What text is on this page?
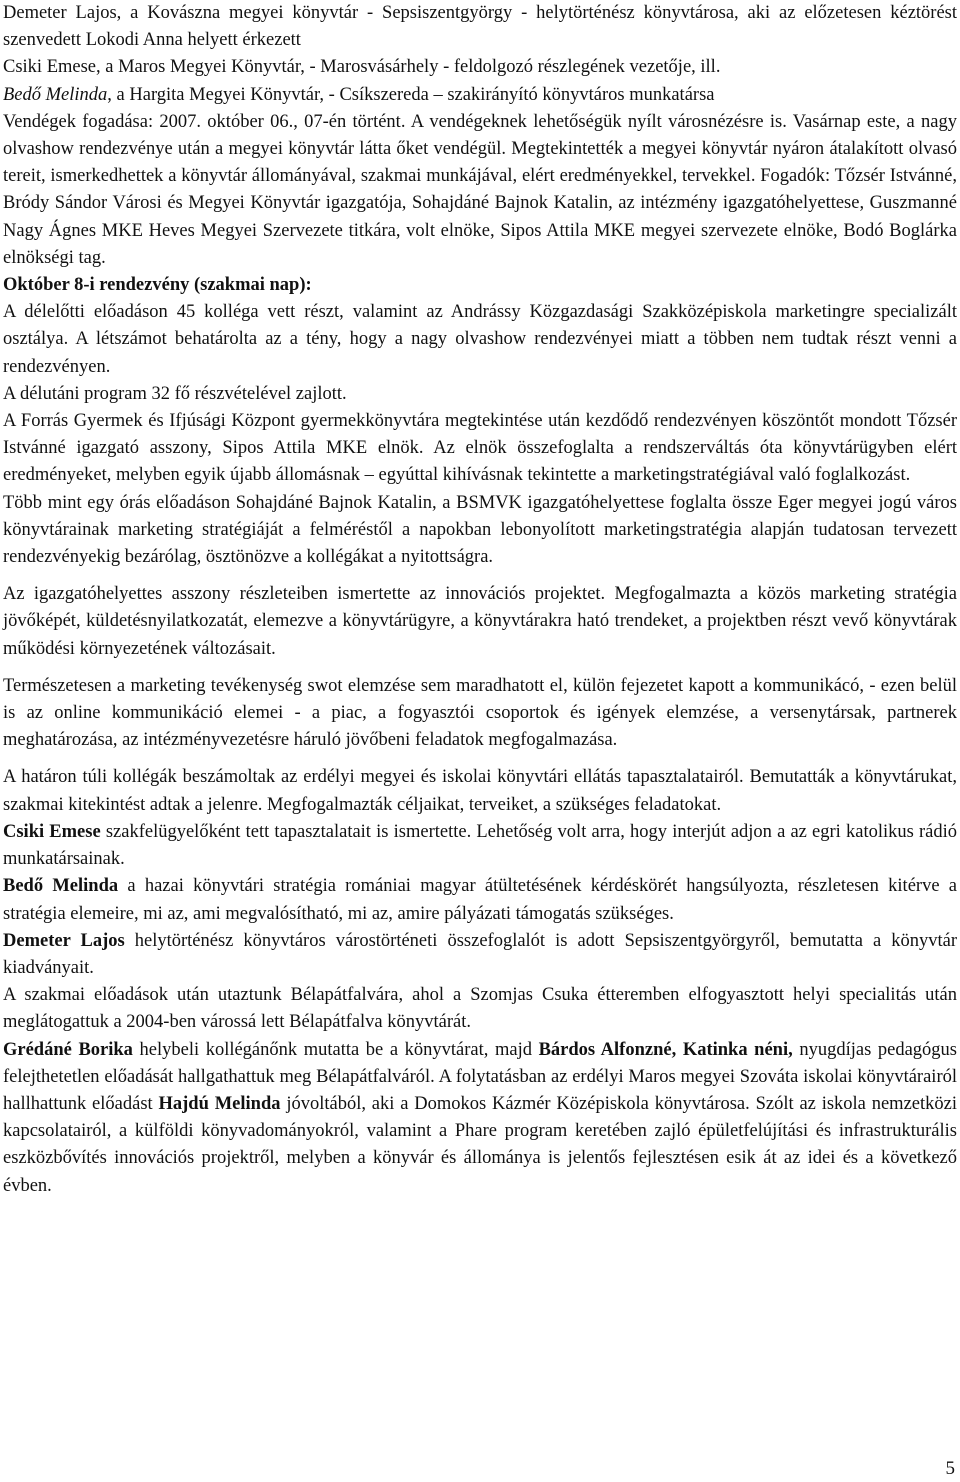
Demeter Lajos, a Kovászna megyei könyvtár - Sepsiszentgyörgy - helytörténész könyvtárosa, aki az előzetesen kéztörést szenvedett Lokodi Anna helyett érkezett

Csiki Emese, a Maros Megyei Könyvtár, - Marosvásárhely - feldolgozó részlegének vezetője, ill.

Bedő Melinda, a Hargita Megyei Könyvtár, - Csíkszereda – szakirányító könyvtáros munkatársa

Vendégek fogadása: 2007. október 06., 07-én történt. A vendégeknek lehetőségük nyílt városnézésre is. Vasárnap este, a nagy olvashow rendezvénye után a megyei könyvtár látta őket vendégül. Megtekintették a megyei könyvtár nyáron átalakított olvasó tereit, ismerkedhettek a könyvtár állományával, szakmai munkájával, elért eredményekkel, tervekkel. Fogadók: Tőzsér Istvánné, Bródy Sándor Városi és Megyei Könyvtár igazgatója, Sohajdáné Bajnok Katalin, az intézmény igazgatóhelyettese, Guszmanné Nagy Ágnes MKE Heves Megyei Szervezete titkára, volt elnöke, Sipos Attila MKE megyei szervezete elnöke, Bodó Boglárka elnökségi tag.

Október 8-i rendezvény (szakmai nap):

A délelőtti előadáson 45 kolléga vett részt, valamint az Andrássy Közgazdasági Szakközépiskola marketingre specializált osztálya. A létszámot behatárolta az a tény, hogy a nagy olvashow rendezvényei miatt a többen nem tudtak részt venni a rendezvényen.

A délutáni program 32 fő részvételével zajlott.

A Forrás Gyermek és Ifjúsági Központ gyermekkönyvtára megtekintése után kezdődő rendezvényen köszöntőt mondott Tőzsér Istvánné igazgató asszony, Sipos Attila MKE elnök. Az elnök összefoglalta a rendszerváltás óta könyvtárügyben elért eredményeket, melyben egyik újabb állomásnak – egyúttal kihívásnak tekintette a marketingstratégiával való foglalkozást.

Több mint egy órás előadáson Sohajdáné Bajnok Katalin, a BSMVK igazgatóhelyettese foglalta össze Eger megyei jogú város könyvtárainak marketing stratégiáját a felméréstől a napokban lebonyolított marketingstratégia alapján tudatosan tervezett rendezvényekig bezárólag, ösztönözve a kollégákat a nyitottságra.

Az igazgatóhelyettes asszony részleteiben ismertette az innovációs projektet. Megfogalmazta a közös marketing stratégia jövőképét, küldetésnyilatkozatát, elemezve a könyvtárügyre, a könyvtárakra ható trendeket, a projektben részt vevő könyvtárak működési környezetének változásait.

Természetesen a marketing tevékenység swot elemzése sem maradhatott el, külön fejezetet kapott a kommunikácó, - ezen belül is az online kommunikáció elemei - a piac, a fogyasztói csoportok és igények elemzése, a versenytársak, partnerek meghatározása, az intézményvezetésre háruló jövőbeni feladatok megfogalmazása.

A határon túli kollégák beszámoltak az erdélyi megyei és iskolai könyvtári ellátás tapasztalatairól. Bemutatták a könyvtárukat, szakmai kitekintést adtak a jelenre. Megfogalmazták céljaikat, terveiket, a szükséges feladatokat.

Csiki Emese szakfelügyelőként tett tapasztalatait is ismertette. Lehetőség volt arra, hogy interjút adjon a az egri katolikus rádió munkatársainak.

Bedő Melinda a hazai könyvtári stratégia romániai magyar átültetésének kérdéskörét hangsúlyozta, részletesen kitérve a stratégia elemeire, mi az, ami megvalósítható, mi az, amire pályázati támogatás szükséges.

Demeter Lajos helytörténész könyvtáros várostörténeti összefoglalót is adott Sepsiszentgyörgyről, bemutatta a könyvtár kiadványait.

A szakmai előadások után utaztunk Bélapátfalvára, ahol a Szomjas Csuka étteremben elfogyasztott helyi specialitás után meglátogattuk a 2004-ben várossá lett Bélapátfalva könyvtárát.

Grédáné Borika helybeli kollégánőnk mutatta be a könyvtárat, majd Bárdos Alfonzné, Katinka néni, nyugdíjas pedagógus felejthetetlen előadását hallgathattuk meg Bélapátfalváról. A folytatásban az erdélyi Maros megyei Szováta iskolai könyvtárairól hallhattunk előadást Hajdú Melinda jóvoltából, aki a Domokos Kázmér Középiskola könyvtárosa. Szólt az iskola nemzetközi kapcsolatairól, a külföldi könyvadományokról, valamint a Phare program keretében zajló épületfelújítási és infrastrukturális eszközbővítés innovációs projektről, melyben a könyvár és állománya is jelentős fejlesztésen esik át az idei és a következő évben.

5
